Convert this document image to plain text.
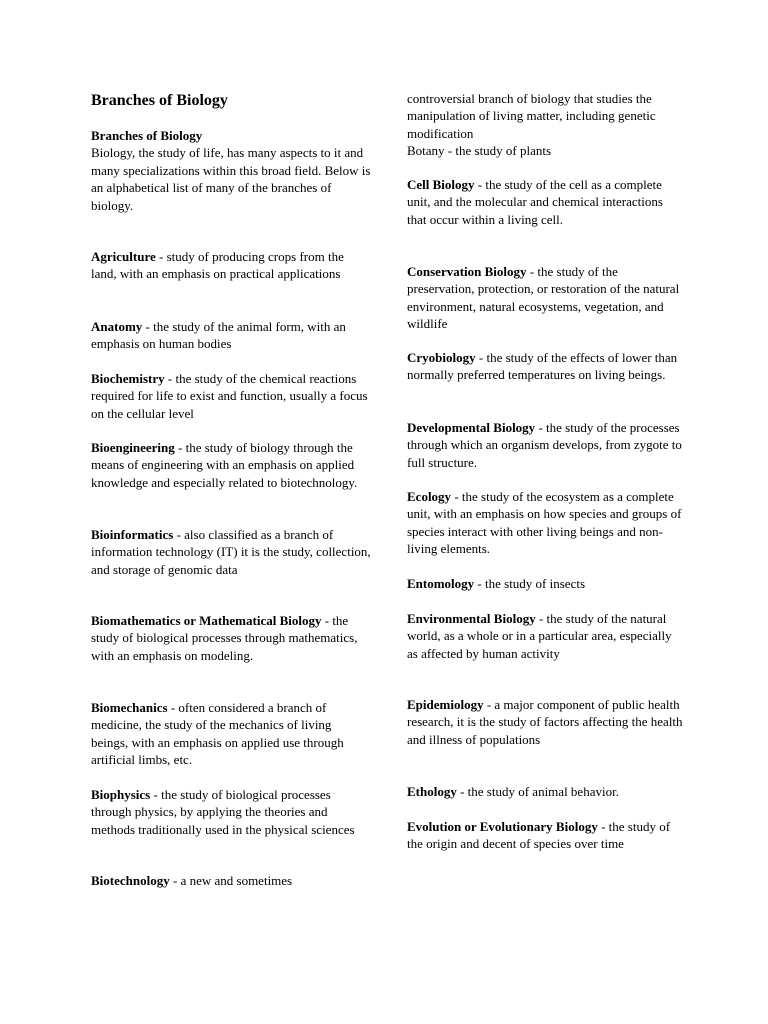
Branches of Biology

Branches of Biology
Biology, the study of life, has many aspects to it and many specializations within this broad field. Below is an alphabetical list of many of the branches of biology.

Agriculture - study of producing crops from the land, with an emphasis on practical applications

Anatomy - the study of the animal form, with an emphasis on human bodies

Biochemistry - the study of the chemical reactions required for life to exist and function, usually a focus on the cellular level

Bioengineering - the study of biology through the means of engineering with an emphasis on applied knowledge and especially related to biotechnology.

Bioinformatics - also classified as a branch of information technology (IT) it is the study, collection, and storage of genomic data

Biomathematics or Mathematical Biology - the study of biological processes through mathematics, with an emphasis on modeling.

Biomechanics - often considered a branch of medicine, the study of the mechanics of living beings, with an emphasis on applied use through artificial limbs, etc.

Biophysics - the study of biological processes through physics, by applying the theories and methods traditionally used in the physical sciences

Biotechnology - a new and sometimes

controversial branch of biology that studies the manipulation of living matter, including genetic modification
Botany - the study of plants

Cell Biology - the study of the cell as a complete unit, and the molecular and chemical interactions that occur within a living cell.

Conservation Biology - the study of the preservation, protection, or restoration of the natural environment, natural ecosystems, vegetation, and wildlife

Cryobiology - the study of the effects of lower than normally preferred temperatures on living beings.

Developmental Biology - the study of the processes through which an organism develops, from zygote to full structure.

Ecology - the study of the ecosystem as a complete unit, with an emphasis on how species and groups of species interact with other living beings and non-living elements.

Entomology - the study of insects

Environmental Biology - the study of the natural world, as a whole or in a particular area, especially as affected by human activity

Epidemiology - a major component of public health research, it is the study of factors affecting the health and illness of populations

Ethology - the study of animal behavior.

Evolution or Evolutionary Biology - the study of the origin and decent of species over time
